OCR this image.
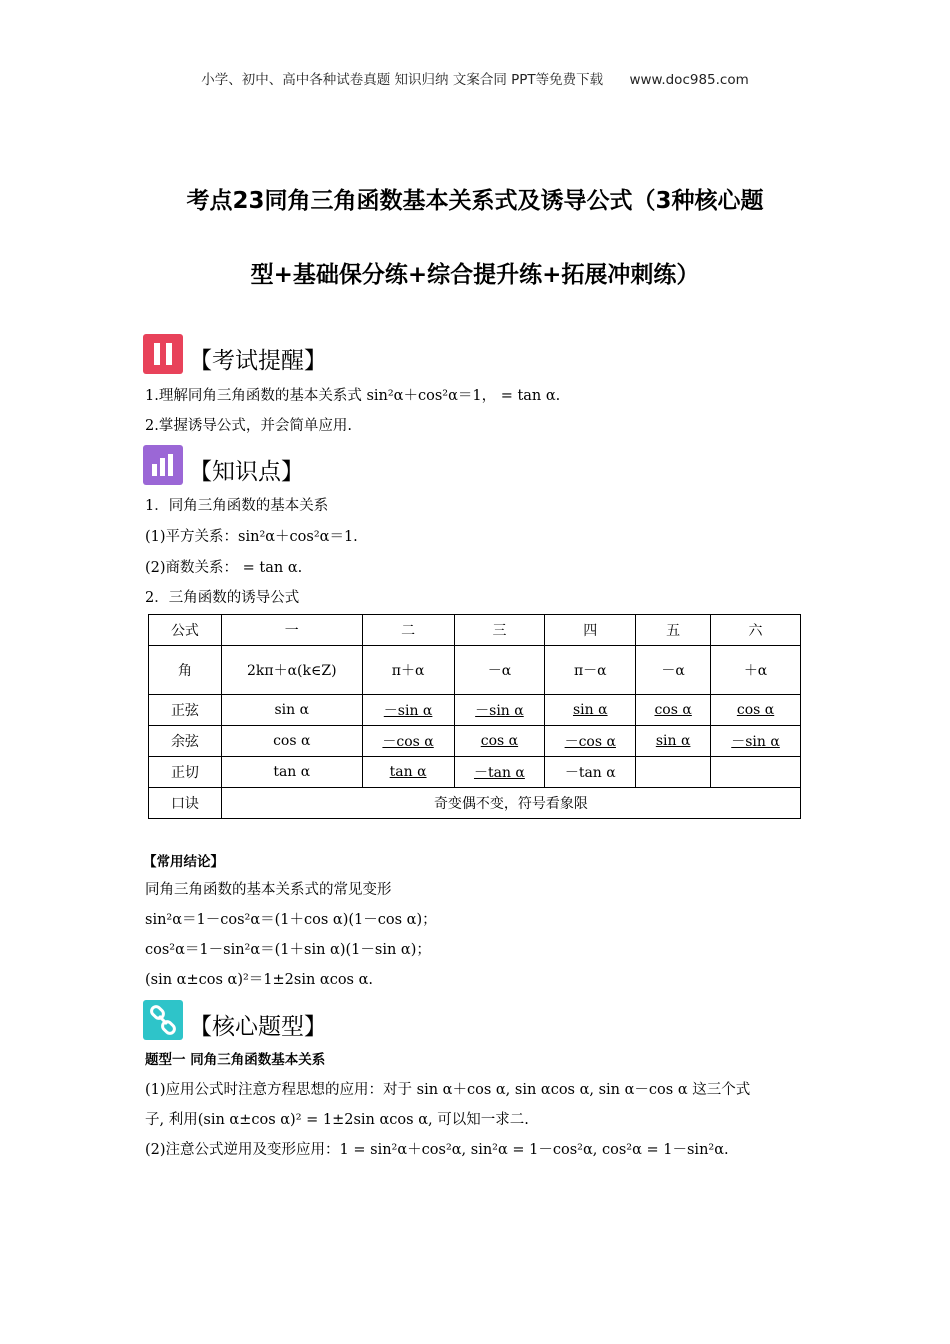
小学、初中、高中各种试卷真题 知识归纳 文案合同 PPT等免费下载 www.doc985.com
考点23同角三角函数基本关系式及诱导公式（3种核心题
型+基础保分练+综合提升练+拓展冲刺练）
【考试提醒】
1.理解同角三角函数的基本关系式 sin²α＋cos²α＝1， = tan α.
2.掌握诱导公式，并会简单应用.
【知识点】
1．同角三角函数的基本关系
(1)平方关系：sin²α＋cos²α＝1.
(2)商数关系： = tan α.
2．三角函数的诱导公式
公式	一	二	三	四	五	六
角	2kπ＋α(k∈Z)	π＋α	－α	π－α	－α	＋α
正弦	sin α	－sin α	－sin α	sin α	cos α	cos α
余弦	cos α	－cos α	cos α	－cos α	sin α	－sin α
正切	tan α	tan α	－tan α	－tan α		
口诀	奇变偶不变，符号看象限					
【常用结论】
同角三角函数的基本关系式的常见变形
sin²α＝1－cos²α＝(1＋cos α)(1－cos α)；
cos²α＝1－sin²α＝(1＋sin α)(1－sin α)；
(sin α±cos α)²＝1±2sin αcos α.
【核心题型】
题型一 同角三角函数基本关系
(1)应用公式时注意方程思想的应用：对于 sin α＋cos α, sin αcos α, sin α－cos α 这三个式
子, 利用(sin α±cos α)² = 1±2sin αcos α, 可以知一求二.
(2)注意公式逆用及变形应用：1 = sin²α＋cos²α, sin²α = 1－cos²α, cos²α = 1－sin²α.
